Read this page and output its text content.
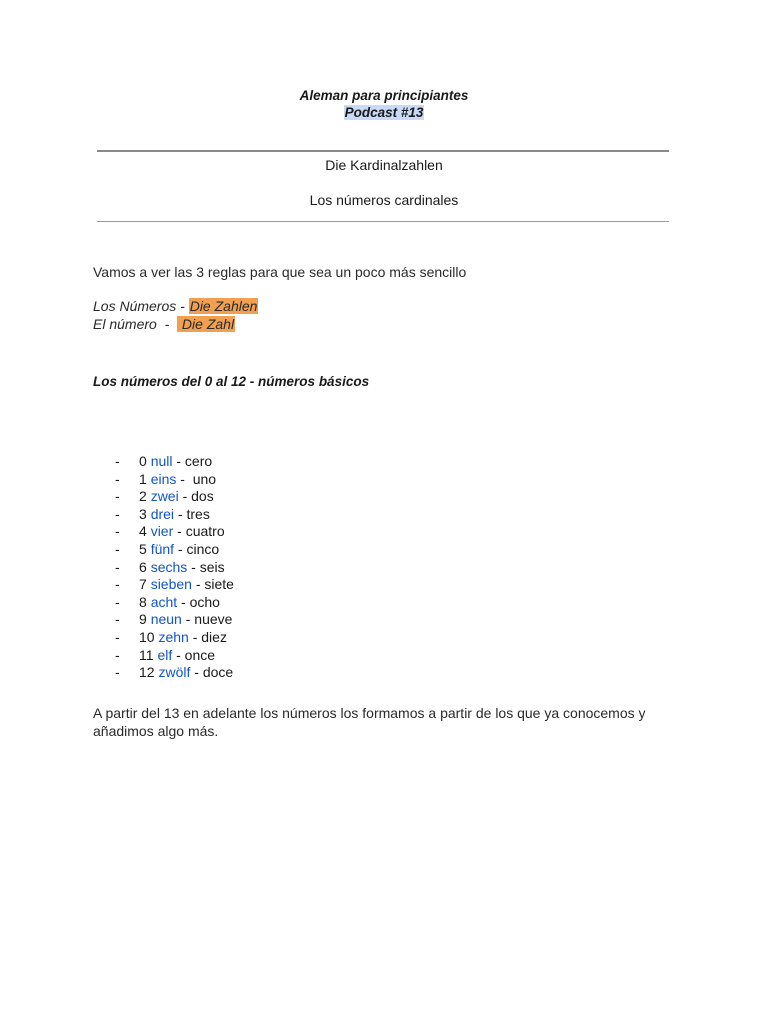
Aleman para principiantes
Podcast #13
Die Kardinalzahlen
Los números cardinales
Vamos a ver las 3 reglas para que sea un poco más sencillo
Los Números - Die Zahlen
El número  -   Die Zahl
Los números del 0 al 12 - números básicos
- 0 null - cero
- 1 eins -  uno
- 2 zwei - dos
- 3 drei - tres
- 4 vier - cuatro
- 5 fünf - cinco
- 6 sechs - seis
- 7 sieben - siete
- 8 acht - ocho
- 9 neun - nueve
- 10 zehn - diez
- 11 elf - once
- 12 zwölf - doce
A partir del 13 en adelante los números los formamos a partir de los que ya conocemos y añadimos algo más.
